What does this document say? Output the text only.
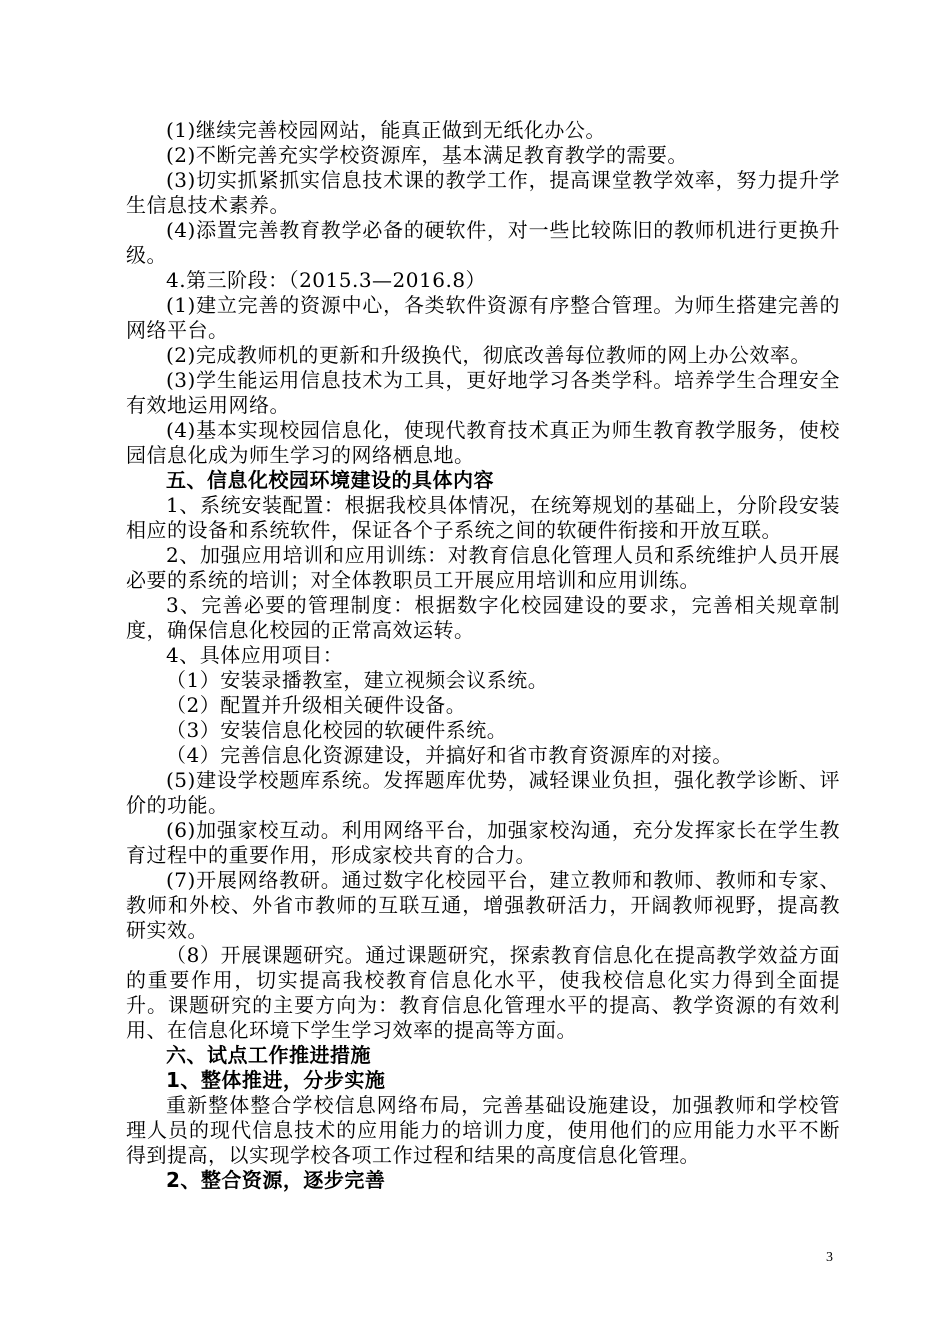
(1)继续完善校园网站，能真正做到无纸化办公。

(2)不断完善充实学校资源库，基本满足教育教学的需要。

(3)切实抓紧抓实信息技术课的教学工作，提高课堂教学效率，努力提升学生信息技术素养。

(4)添置完善教育教学必备的硬软件，对一些比较陈旧的教师机进行更换升级。

4.第三阶段：（2015.3—2016.8）

(1)建立完善的资源中心，各类软件资源有序整合管理。为师生搭建完善的网络平台。

(2)完成教师机的更新和升级换代，彻底改善每位教师的网上办公效率。

(3)学生能运用信息技术为工具，更好地学习各类学科。培养学生合理安全有效地运用网络。

(4)基本实现校园信息化，使现代教育技术真正为师生教育教学服务，使校园信息化成为师生学习的网络栖息地。

五、信息化校园环境建设的具体内容

1、系统安装配置：根据我校具体情况，在统筹规划的基础上，分阶段安装相应的设备和系统软件，保证各个子系统之间的软硬件衔接和开放互联。

2、加强应用培训和应用训练：对教育信息化管理人员和系统维护人员开展必要的系统的培训；对全体教职员工开展应用培训和应用训练。

3、完善必要的管理制度：根据数字化校园建设的要求，完善相关规章制度，确保信息化校园的正常高效运转。

4、具体应用项目：

（1）安装录播教室，建立视频会议系统。

（2）配置并升级相关硬件设备。

（3）安装信息化校园的软硬件系统。

（4）完善信息化资源建设，并搞好和省市教育资源库的对接。

(5)建设学校题库系统。发挥题库优势，减轻课业负担，强化教学诊断、评价的功能。

(6)加强家校互动。利用网络平台，加强家校沟通，充分发挥家长在学生教育过程中的重要作用，形成家校共育的合力。

(7)开展网络教研。通过数字化校园平台，建立教师和教师、教师和专家、教师和外校、外省市教师的互联互通，增强教研活力，开阔教师视野，提高教研实效。

（8）开展课题研究。通过课题研究，探索教育信息化在提高教学效益方面的重要作用，切实提高我校教育信息化水平，使我校信息化实力得到全面提升。课题研究的主要方向为：教育信息化管理水平的提高、教学资源的有效利用、在信息化环境下学生学习效率的提高等方面。

六、试点工作推进措施

1、整体推进，分步实施

重新整体整合学校信息网络布局，完善基础设施建设，加强教师和学校管理人员的现代信息技术的应用能力的培训力度，使用他们的应用能力水平不断得到提高，以实现学校各项工作过程和结果的高度信息化管理。

2、整合资源，逐步完善

3
